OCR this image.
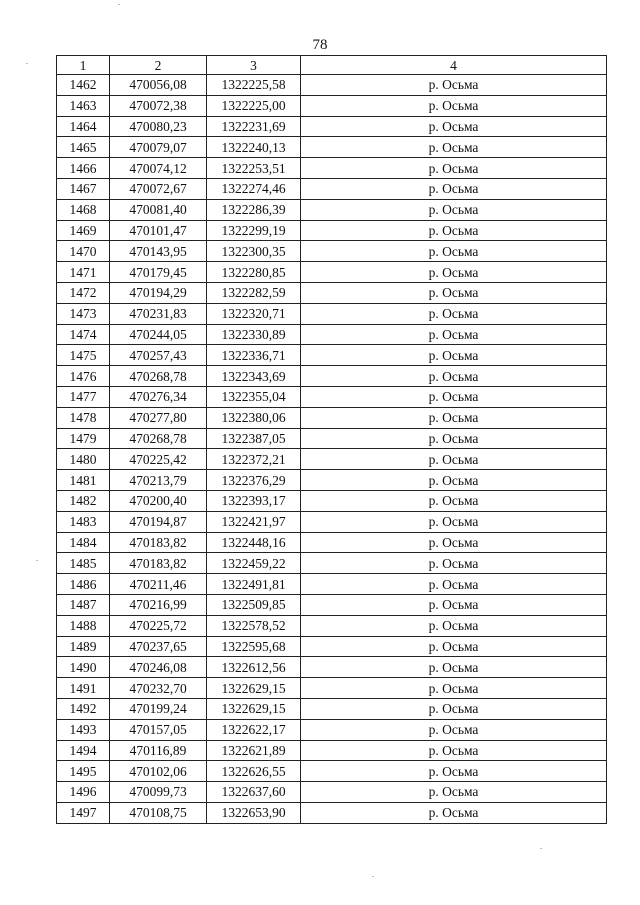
78
1	2	3	4
1462	470056,08	1322225,58	р. Осьма
1463	470072,38	1322225,00	р. Осьма
1464	470080,23	1322231,69	р. Осьма
1465	470079,07	1322240,13	р. Осьма
1466	470074,12	1322253,51	р. Осьма
1467	470072,67	1322274,46	р. Осьма
1468	470081,40	1322286,39	р. Осьма
1469	470101,47	1322299,19	р. Осьма
1470	470143,95	1322300,35	р. Осьма
1471	470179,45	1322280,85	р. Осьма
1472	470194,29	1322282,59	р. Осьма
1473	470231,83	1322320,71	р. Осьма
1474	470244,05	1322330,89	р. Осьма
1475	470257,43	1322336,71	р. Осьма
1476	470268,78	1322343,69	р. Осьма
1477	470276,34	1322355,04	р. Осьма
1478	470277,80	1322380,06	р. Осьма
1479	470268,78	1322387,05	р. Осьма
1480	470225,42	1322372,21	р. Осьма
1481	470213,79	1322376,29	р. Осьма
1482	470200,40	1322393,17	р. Осьма
1483	470194,87	1322421,97	р. Осьма
1484	470183,82	1322448,16	р. Осьма
1485	470183,82	1322459,22	р. Осьма
1486	470211,46	1322491,81	р. Осьма
1487	470216,99	1322509,85	р. Осьма
1488	470225,72	1322578,52	р. Осьма
1489	470237,65	1322595,68	р. Осьма
1490	470246,08	1322612,56	р. Осьма
1491	470232,70	1322629,15	р. Осьма
1492	470199,24	1322629,15	р. Осьма
1493	470157,05	1322622,17	р. Осьма
1494	470116,89	1322621,89	р. Осьма
1495	470102,06	1322626,55	р. Осьма
1496	470099,73	1322637,60	р. Осьма
1497	470108,75	1322653,90	р. Осьма
